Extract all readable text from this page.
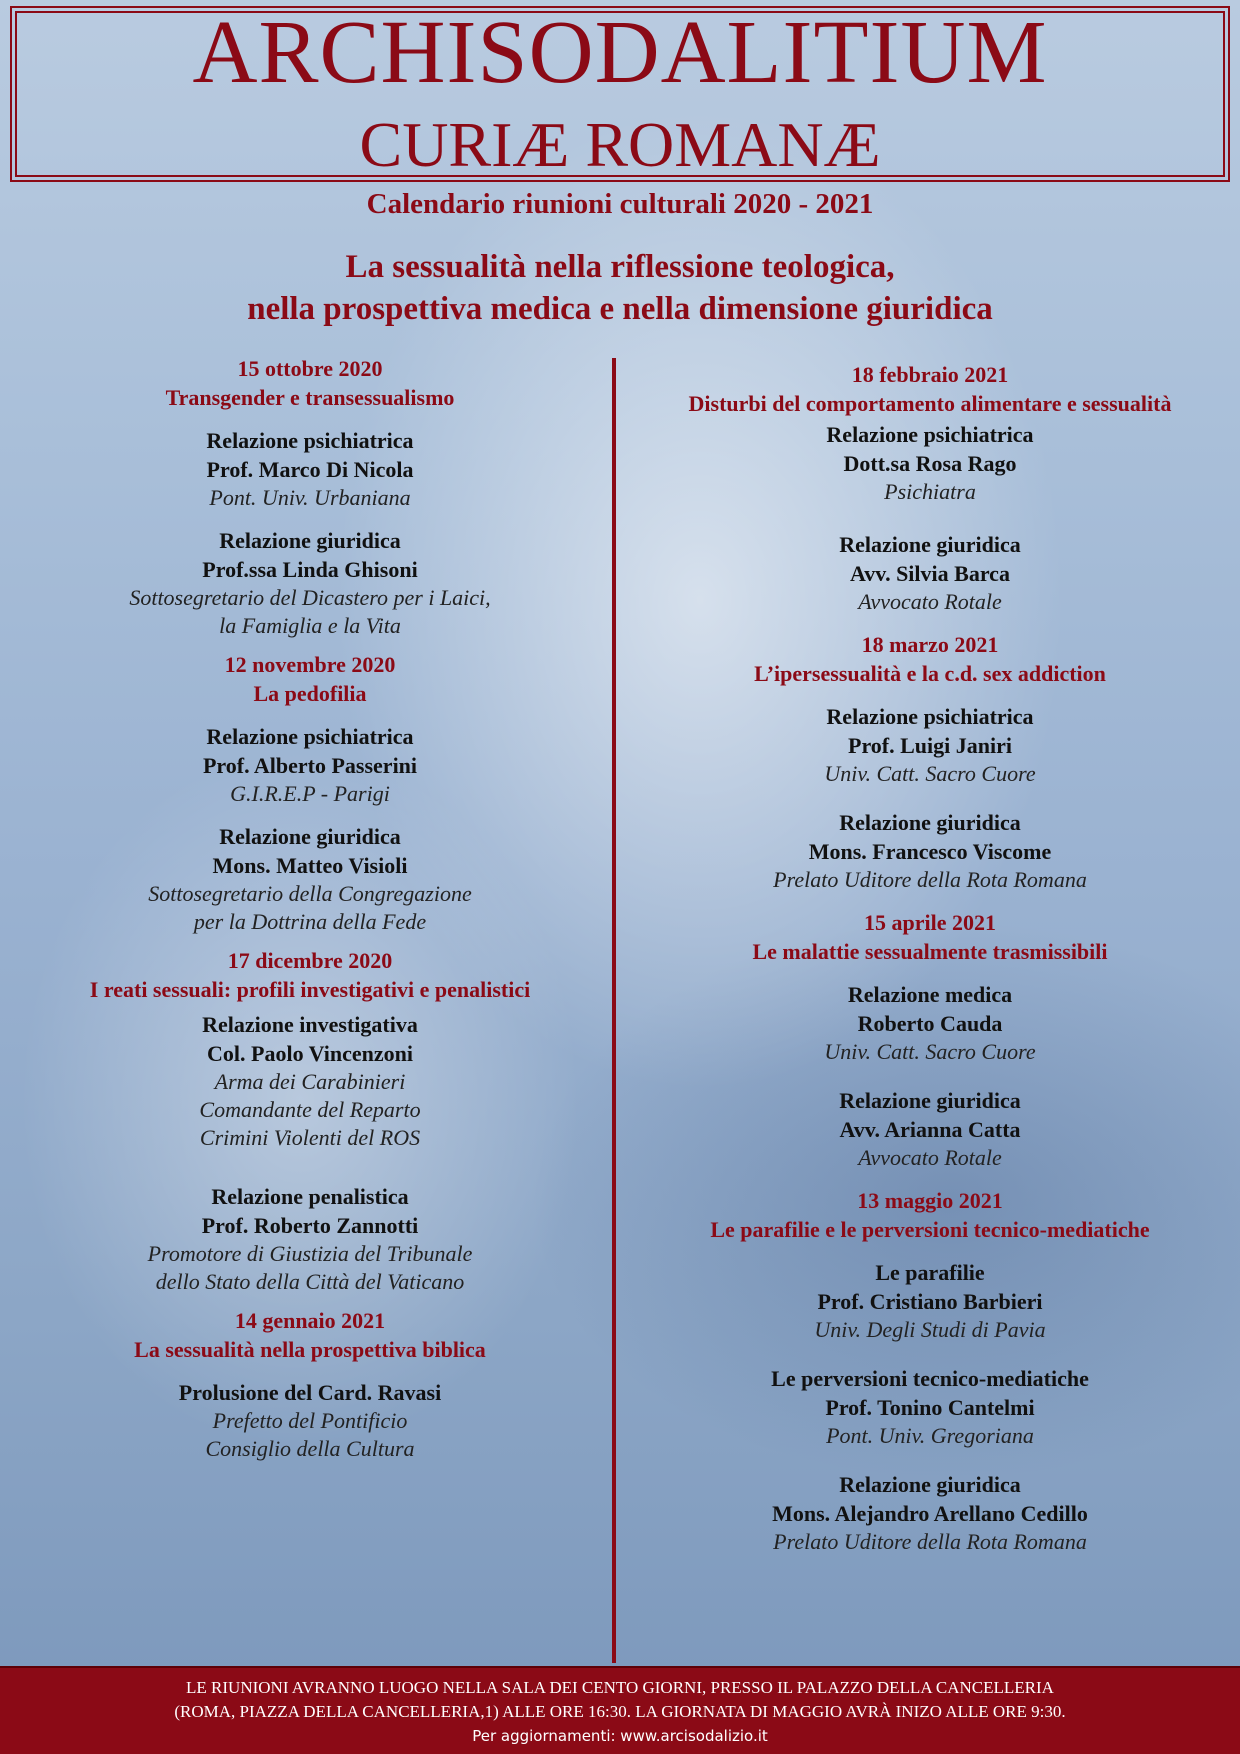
ARCHISODALITIUM
CURIÆ ROMANÆ
Calendario riunioni culturali 2020 - 2021
La sessualità nella riflessione teologica,
nella prospettiva medica e nella dimensione giuridica
15 ottobre 2020
Transgender e transessualismo
Relazione psichiatrica
Prof. Marco Di Nicola
Pont. Univ. Urbaniana
Relazione giuridica
Prof.ssa Linda Ghisoni
Sottosegretario del Dicastero per i Laici,
la Famiglia e la Vita
12 novembre 2020
La pedofilia
Relazione psichiatrica
Prof. Alberto Passerini
G.I.R.E.P - Parigi
Relazione giuridica
Mons. Matteo Visioli
Sottosegretario della Congregazione
per la Dottrina della Fede
17 dicembre 2020
I reati sessuali: profili investigativi e penalistici
Relazione investigativa
Col. Paolo Vincenzoni
Arma dei Carabinieri
Comandante del Reparto
Crimini Violenti del ROS
Relazione penalistica
Prof. Roberto Zannotti
Promotore di Giustizia del Tribunale
dello Stato della Città del Vaticano
14 gennaio 2021
La sessualità nella prospettiva biblica
Prolusione del Card. Ravasi
Prefetto del Pontificio
Consiglio della Cultura
18 febbraio 2021
Disturbi del comportamento alimentare e sessualità
Relazione psichiatrica
Dott.sa Rosa Rago
Psichiatra
Relazione giuridica
Avv. Silvia Barca
Avvocato Rotale
18 marzo 2021
L’ipersessualità e la c.d. sex addiction
Relazione psichiatrica
Prof. Luigi Janiri
Univ. Catt. Sacro Cuore
Relazione giuridica
Mons. Francesco Viscome
Prelato Uditore della Rota Romana
15 aprile 2021
Le malattie sessualmente trasmissibili
Relazione medica
Roberto Cauda
Univ. Catt. Sacro Cuore
Relazione giuridica
Avv. Arianna Catta
Avvocato Rotale
13 maggio 2021
Le parafilie e le perversioni tecnico-mediatiche
Le parafilie
Prof. Cristiano Barbieri
Univ. Degli Studi di Pavia
Le perversioni tecnico-mediatiche
Prof. Tonino Cantelmi
Pont. Univ. Gregoriana
Relazione giuridica
Mons. Alejandro Arellano Cedillo
Prelato Uditore della Rota Romana
LE RIUNIONI AVRANNO LUOGO NELLA SALA DEI CENTO GIORNI, PRESSO IL PALAZZO DELLA CANCELLERIA
(ROMA, PIAZZA DELLA CANCELLERIA,1) ALLE ORE 16:30. LA GIORNATA DI MAGGIO AVRÀ INIZO ALLE ORE 9:30.
Per aggiornamenti: www.arcisodalizio.it
